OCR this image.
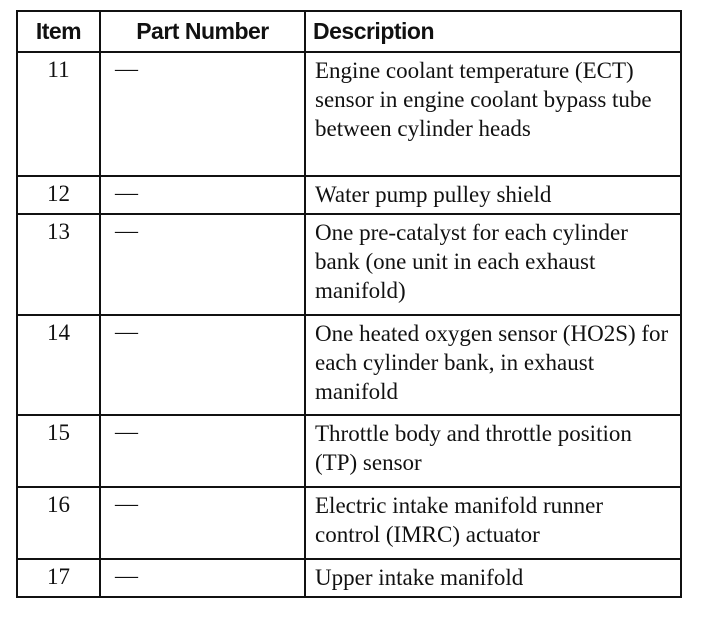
Item	Part Number	Description
11	—	Engine coolant temperature (ECT) sensor in engine coolant bypass tube between cylinder heads
12	—	Water pump pulley shield
13	—	One pre-catalyst for each cylinder bank (one unit in each exhaust manifold)
14	—	One heated oxygen sensor (HO2S) for each cylinder bank, in exhaust manifold
15	—	Throttle body and throttle position (TP) sensor
16	—	Electric intake manifold runner control (IMRC) actuator
17	—	Upper intake manifold
